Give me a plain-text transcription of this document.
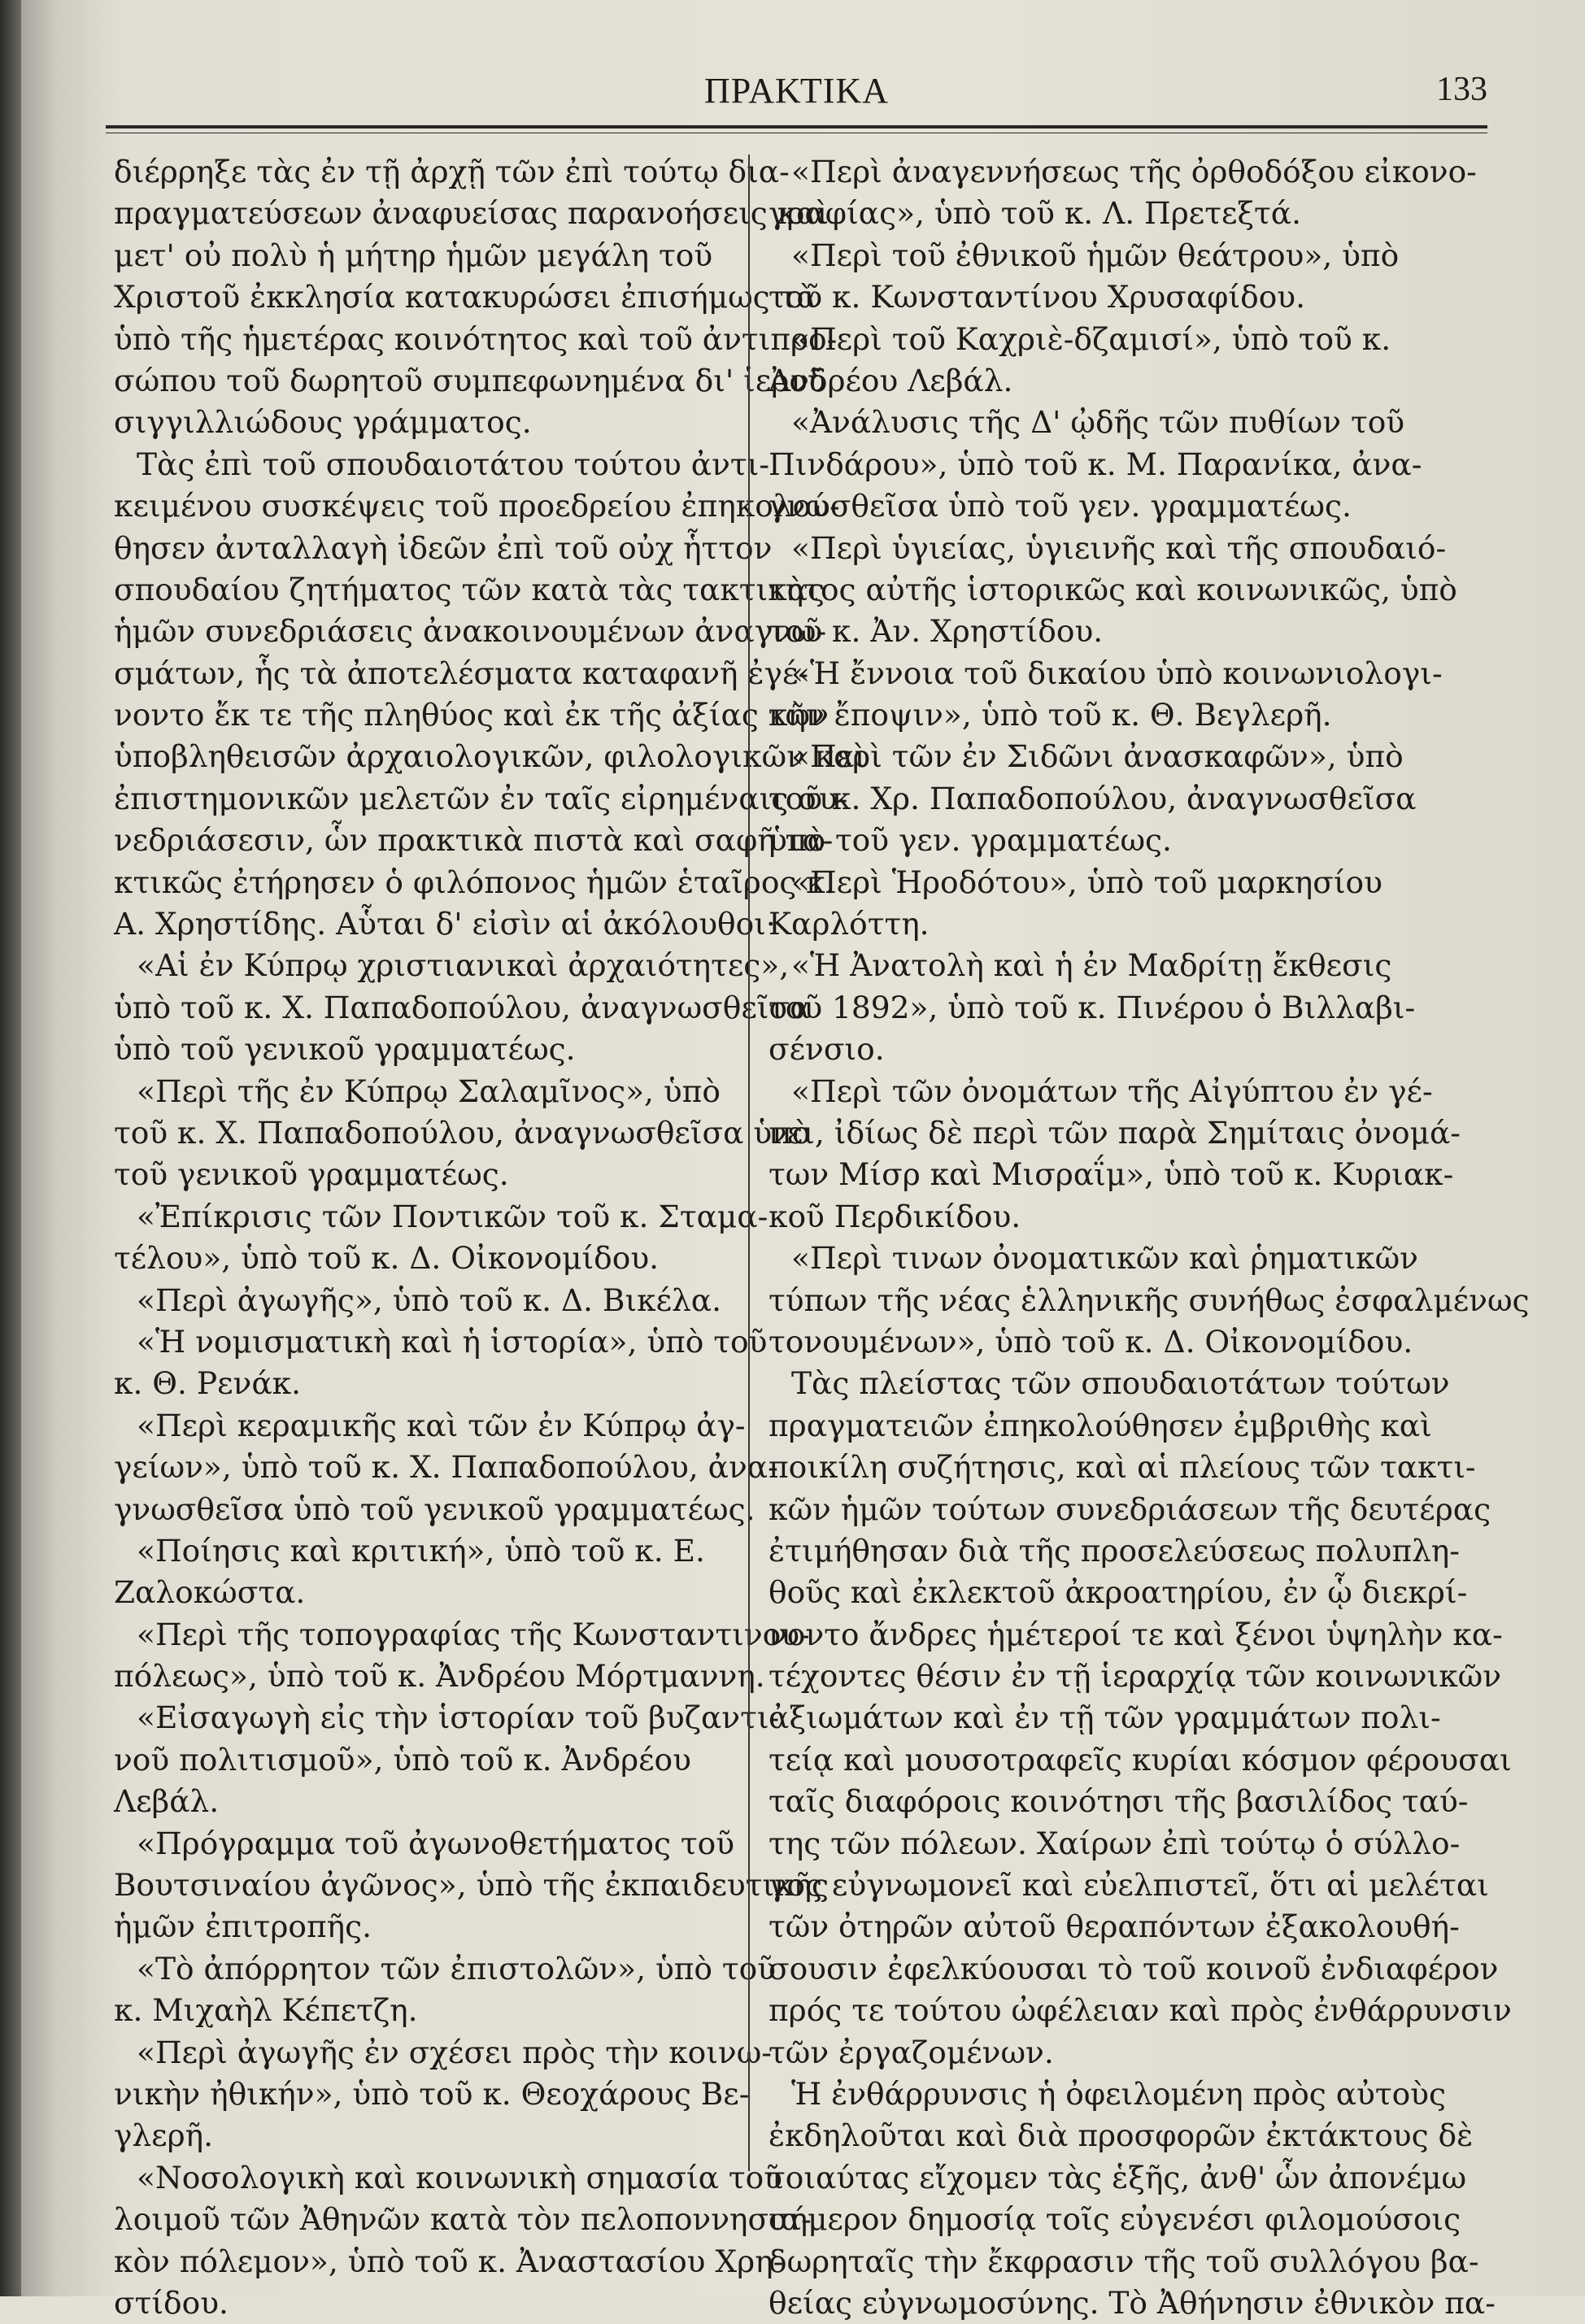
ΠΡΑΚΤΙΚΑ	133
διέρρηξε τὰς ἐν τῇ ἀρχῇ τῶν ἐπὶ τούτῳ δια-
πραγματεύσεων ἀναφυείσας παρανοήσεις καὶ
μετ' οὐ πολὺ ἡ μήτηρ ἡμῶν μεγάλη τοῦ
Χριστοῦ ἐκκλησία κατακυρώσει ἐπισήμως τὰ
ὑπὸ τῆς ἡμετέρας κοινότητος καὶ τοῦ ἀντιπρο-
σώπου τοῦ δωρητοῦ συμπεφωνημένα δι' ἱεροῦ
σιγγιλλιώδους γράμματος.
Τὰς ἐπὶ τοῦ σπουδαιοτάτου τούτου ἀντι-
κειμένου συσκέψεις τοῦ προεδρείου ἐπηκολού-
θησεν ἀνταλλαγὴ ἰδεῶν ἐπὶ τοῦ οὐχ ἧττον
σπουδαίου ζητήματος τῶν κατὰ τὰς τακτικὰς
ἡμῶν συνεδριάσεις ἀνακοινουμένων ἀναγνω-
σμάτων, ἧς τὰ ἀποτελέσματα καταφανῆ ἐγέ-
νοντο ἔκ τε τῆς πληθύος καὶ ἐκ τῆς ἀξίας τῶν
ὑποβληθεισῶν ἀρχαιολογικῶν, φιλολογικῶν καὶ
ἐπιστημονικῶν μελετῶν ἐν ταῖς εἰρημέναις συ-
νεδριάσεσιν, ὧν πρακτικὰ πιστὰ καὶ σαφῆ τα-
κτικῶς ἐτήρησεν ὁ φιλόπονος ἡμῶν ἑταῖρος κ.
Α. Χρηστίδης. Αὗται δ' εἰσὶν αἱ ἀκόλουθοι·
«Αἱ ἐν Κύπρῳ χριστιανικαὶ ἀρχαιότητες»,
ὑπὸ τοῦ κ. Χ. Παπαδοπούλου, ἀναγνωσθεῖσα
ὑπὸ τοῦ γενικοῦ γραμματέως.
«Περὶ τῆς ἐν Κύπρῳ Σαλαμῖνος», ὑπὸ
τοῦ κ. Χ. Παπαδοπούλου, ἀναγνωσθεῖσα ὑπὸ
τοῦ γενικοῦ γραμματέως.
«Ἐπίκρισις τῶν Ποντικῶν τοῦ κ. Σταμα-
τέλου», ὑπὸ τοῦ κ. Δ. Οἰκονομίδου.
«Περὶ ἀγωγῆς», ὑπὸ τοῦ κ. Δ. Βικέλα.
«Ἡ νομισματικὴ καὶ ἡ ἱστορία», ὑπὸ τοῦ
κ. Θ. Ρενάκ.
«Περὶ κεραμικῆς καὶ τῶν ἐν Κύπρῳ ἀγ-
γείων», ὑπὸ τοῦ κ. Χ. Παπαδοπούλου, ἀνα-
γνωσθεῖσα ὑπὸ τοῦ γενικοῦ γραμματέως.
«Ποίησις καὶ κριτική», ὑπὸ τοῦ κ. Ε.
Ζαλοκώστα.
«Περὶ τῆς τοπογραφίας τῆς Κωνσταντινου-
πόλεως», ὑπὸ τοῦ κ. Ἀνδρέου Μόρτμαννη.
«Εἰσαγωγὴ εἰς τὴν ἱστορίαν τοῦ βυζαντι-
νοῦ πολιτισμοῦ», ὑπὸ τοῦ κ. Ἀνδρέου
Λεβάλ.
«Πρόγραμμα τοῦ ἀγωνοθετήματος τοῦ
Βουτσιναίου ἀγῶνος», ὑπὸ τῆς ἐκπαιδευτικῆς
ἡμῶν ἐπιτροπῆς.
«Τὸ ἀπόρρητον τῶν ἐπιστολῶν», ὑπὸ τοῦ
κ. Μιχαὴλ Κέπετζη.
«Περὶ ἀγωγῆς ἐν σχέσει πρὸς τὴν κοινω-
νικὴν ἠθικήν», ὑπὸ τοῦ κ. Θεοχάρους Βε-
γλερῆ.
«Νοσολογικὴ καὶ κοινωνικὴ σημασία τοῦ
λοιμοῦ τῶν Ἀθηνῶν κατὰ τὸν πελοποννησια-
κὸν πόλεμον», ὑπὸ τοῦ κ. Ἀναστασίου Χρη-
στίδου.
«Περὶ ἀναγεννήσεως τῆς ὀρθοδόξου εἰκονο-
γραφίας», ὑπὸ τοῦ κ. Λ. Πρετεξτά.
«Περὶ τοῦ ἐθνικοῦ ἡμῶν θεάτρου», ὑπὸ
τοῦ κ. Κωνσταντίνου Χρυσαφίδου.
«Περὶ τοῦ Καχριὲ-δζαμισί», ὑπὸ τοῦ κ.
Ἀνδρέου Λεβάλ.
«Ἀνάλυσις τῆς Δ' ᾠδῆς τῶν πυθίων τοῦ
Πινδάρου», ὑπὸ τοῦ κ. Μ. Παρανίκα, ἀνα-
γνωσθεῖσα ὑπὸ τοῦ γεν. γραμματέως.
«Περὶ ὑγιείας, ὑγιεινῆς καὶ τῆς σπουδαιό-
τητος αὐτῆς ἱστορικῶς καὶ κοινωνικῶς, ὑπὸ
τοῦ κ. Ἀν. Χρηστίδου.
«Ἡ ἔννοια τοῦ δικαίου ὑπὸ κοινωνιολογι-
κὴν ἔποψιν», ὑπὸ τοῦ κ. Θ. Βεγλερῆ.
«Περὶ τῶν ἐν Σιδῶνι ἀνασκαφῶν», ὑπὸ
τοῦ κ. Χρ. Παπαδοπούλου, ἀναγνωσθεῖσα
ὑπὸ τοῦ γεν. γραμματέως.
«Περὶ Ἡροδότου», ὑπὸ τοῦ μαρκησίου
Καρλόττη.
«Ἡ Ἀνατολὴ καὶ ἡ ἐν Μαδρίτῃ ἔκθεσις
τοῦ 1892», ὑπὸ τοῦ κ. Πινέρου ὁ Βιλλαβι-
σένσιο.
«Περὶ τῶν ὀνομάτων τῆς Αἰγύπτου ἐν γέ-
νει, ἰδίως δὲ περὶ τῶν παρὰ Σημίταις ὀνομά-
των Μίσρ καὶ Μισραΐμ», ὑπὸ τοῦ κ. Κυριακ-
κοῦ Περδικίδου.
«Περὶ τινων ὀνοματικῶν καὶ ῥηματικῶν
τύπων τῆς νέας ἑλληνικῆς συνήθως ἐσφαλμένως
τονουμένων», ὑπὸ τοῦ κ. Δ. Οἰκονομίδου.
Τὰς πλείστας τῶν σπουδαιοτάτων τούτων
πραγματειῶν ἐπηκολούθησεν ἐμβριθὴς καὶ
ποικίλη συζήτησις, καὶ αἱ πλείους τῶν τακτι-
κῶν ἡμῶν τούτων συνεδριάσεων τῆς δευτέρας
ἐτιμήθησαν διὰ τῆς προσελεύσεως πολυπλη-
θοῦς καὶ ἐκλεκτοῦ ἀκροατηρίου, ἐν ᾧ διεκρί-
νοντο ἄνδρες ἡμέτεροί τε καὶ ξένοι ὑψηλὴν κα-
τέχοντες θέσιν ἐν τῇ ἱεραρχίᾳ τῶν κοινωνικῶν
ἀξιωμάτων καὶ ἐν τῇ τῶν γραμμάτων πολι-
τείᾳ καὶ μουσοτραφεῖς κυρίαι κόσμον φέρουσαι
ταῖς διαφόροις κοινότησι τῆς βασιλίδος ταύ-
της τῶν πόλεων. Χαίρων ἐπὶ τούτῳ ὁ σύλλο-
γος εὐγνωμονεῖ καὶ εὐελπιστεῖ, ὅτι αἱ μελέται
τῶν ὀτηρῶν αὐτοῦ θεραπόντων ἐξακολουθή-
σουσιν ἐφελκύουσαι τὸ τοῦ κοινοῦ ἐνδιαφέρον
πρός τε τούτου ὠφέλειαν καὶ πρὸς ἐνθάρρυνσιν
τῶν ἐργαζομένων.
Ἡ ἐνθάρρυνσις ἡ ὀφειλομένη πρὸς αὐτοὺς
ἐκδηλοῦται καὶ διὰ προσφορῶν ἐκτάκτους δὲ
τοιαύτας εἴχομεν τὰς ἑξῆς, ἀνθ' ὧν ἀπονέμω
σήμερον δημοσίᾳ τοῖς εὐγενέσι φιλομούσοις
δωρηταῖς τὴν ἔκφρασιν τῆς τοῦ συλλόγου βα-
θείας εὐγνωμοσύνης. Τὸ Ἀθήνησιν ἐθνικὸν πα-
